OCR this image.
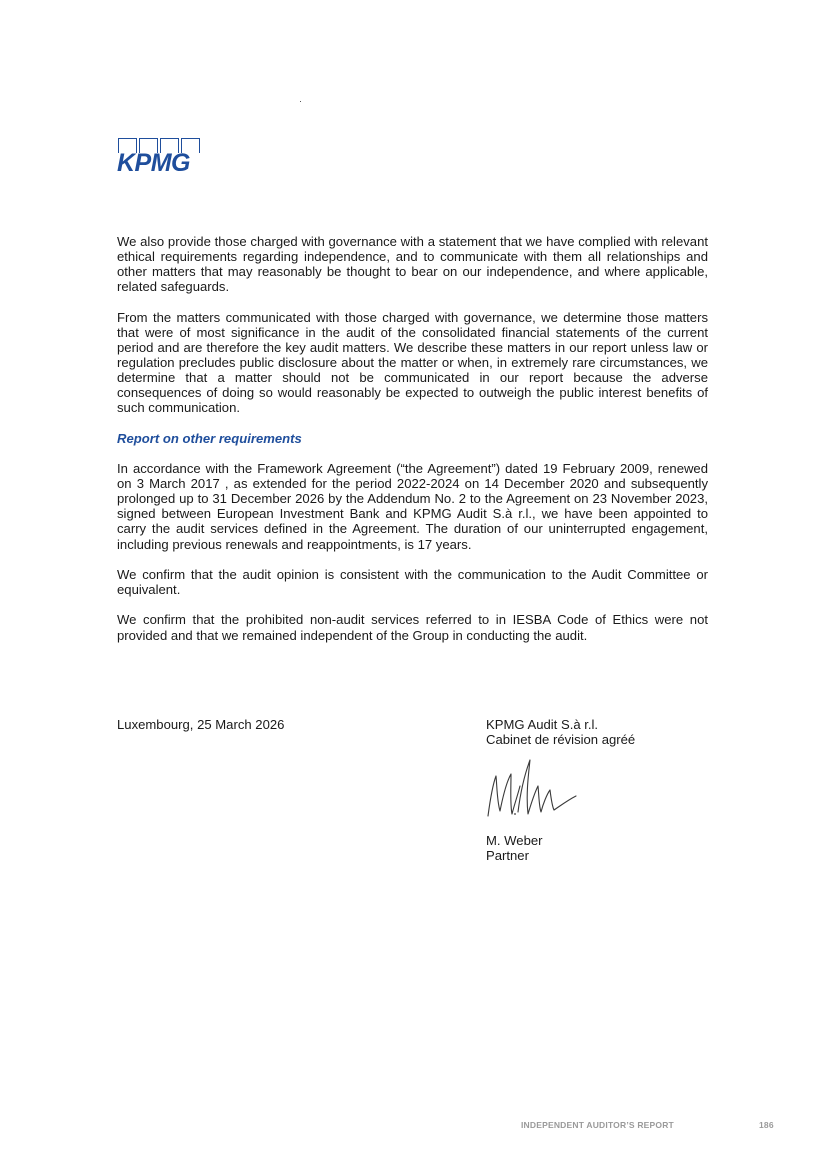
KPMG

We also provide those charged with governance with a statement that we have complied with relevant ethical requirements regarding independence, and to communicate with them all relationships and other matters that may reasonably be thought to bear on our independence, and where applicable, related safeguards.

From the matters communicated with those charged with governance, we determine those matters that were of most significance in the audit of the consolidated financial statements of the current period and are therefore the key audit matters. We describe these matters in our report unless law or regulation precludes public disclosure about the matter or when, in extremely rare circumstances, we determine that a matter should not be communicated in our report because the adverse consequences of doing so would reasonably be expected to outweigh the public interest benefits of such communication.

Report on other requirements

In accordance with the Framework Agreement (“the Agreement”) dated 19 February 2009, renewed on 3 March 2017 , as extended for the period 2022-2024 on 14 December 2020 and subsequently prolonged up to 31 December 2026 by the Addendum No. 2 to the Agreement on 23 November 2023, signed between European Investment Bank and KPMG Audit S.à r.l., we have been appointed to carry the audit services defined in the Agreement. The duration of our uninterrupted engagement, including previous renewals and reappointments, is 17 years.

We confirm that the audit opinion is consistent with the communication to the Audit Committee or equivalent.

We confirm that the prohibited non-audit services referred to in IESBA Code of Ethics were not provided and that we remained independent of the Group in conducting the audit.

Luxembourg, 25 March 2026	KPMG Audit S.à r.l.
Cabinet de révision agréé
M. Weber
Partner
INDEPENDENT AUDITOR’S REPORT	186
